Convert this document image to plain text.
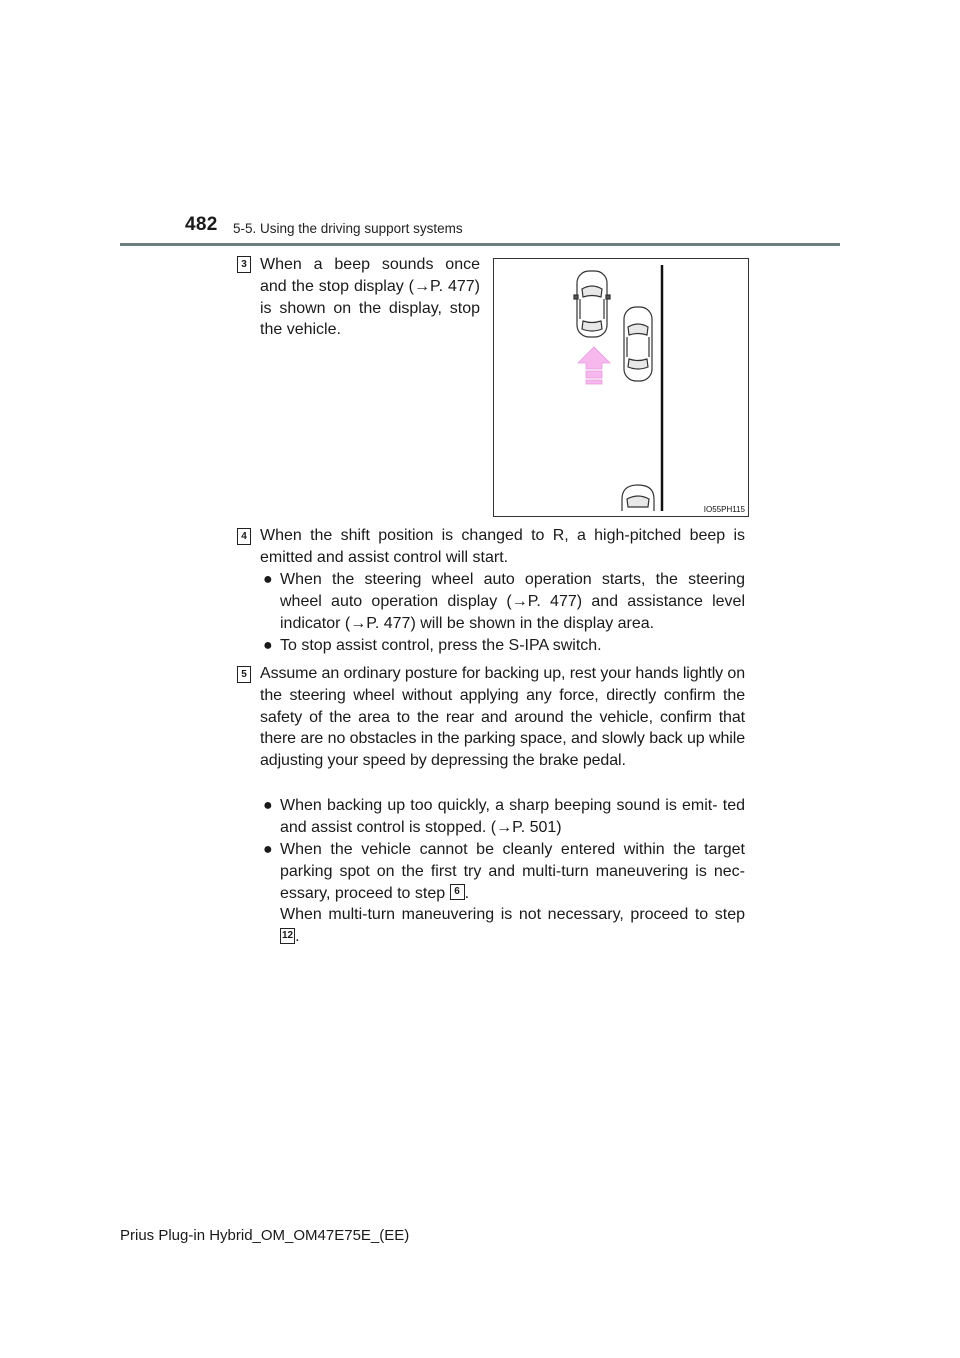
482 5-5. Using the driving support systems
3 When a beep sounds once
and the stop display (→P. 477)
is shown on the display, stop
the vehicle.
IO55PH115
4 When the shift position is changed to R, a high-pitched beep is emitted and assist control will start.

● When the steering wheel auto operation starts, the steering wheel auto operation display (→P. 477) and assistance level indicator (→P. 477) will be shown in the display area.

● To stop assist control, press the S-IPA switch.

5 Assume an ordinary posture for backing up, rest your hands lightly on the steering wheel without applying any force, directly confirm the safety of the area to the rear and around the vehicle, confirm that there are no obstacles in the parking space, and slowly back up while adjusting your speed by depressing the brake pedal.

● When backing up too quickly, a sharp beeping sound is emit- ted and assist control is stopped. (→P. 501)

● When the vehicle cannot be cleanly entered within the target parking spot on the first try and multi-turn maneuvering is nec- essary, proceed to step 6 .
When multi-turn maneuvering is not necessary, proceed to step 12 .
Prius Plug-in Hybrid_OM_OM47E75E_(EE)
